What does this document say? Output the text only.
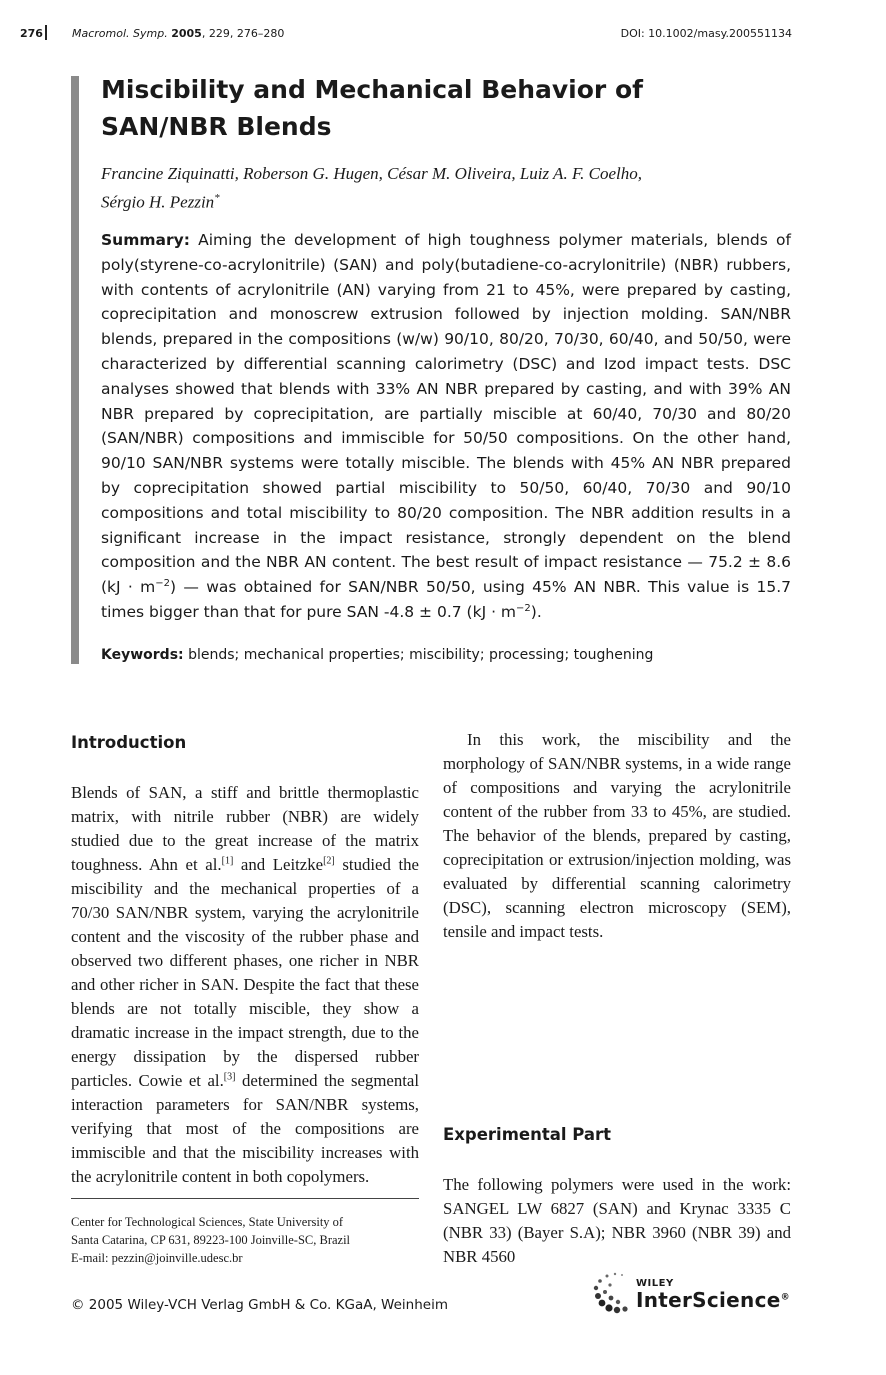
276	Macromol. Symp. 2005, 229, 276–280	DOI: 10.1002/masy.200551134
Miscibility and Mechanical Behavior of
SAN/NBR Blends
Francine Ziquinatti, Roberson G. Hugen, César M. Oliveira, Luiz A. F. Coelho,
Sérgio H. Pezzin*
Summary: Aiming the development of high toughness polymer materials, blends of poly(styrene-co-acrylonitrile) (SAN) and poly(butadiene-co-acrylonitrile) (NBR) rubbers, with contents of acrylonitrile (AN) varying from 21 to 45%, were prepared by casting, coprecipitation and monoscrew extrusion followed by injection molding. SAN/NBR blends, prepared in the compositions (w/w) 90/10, 80/20, 70/30, 60/40, and 50/50, were characterized by differential scanning calorimetry (DSC) and Izod impact tests. DSC analyses showed that blends with 33% AN NBR prepared by casting, and with 39% AN NBR prepared by coprecipitation, are partially miscible at 60/40, 70/30 and 80/20 (SAN/NBR) compositions and immiscible for 50/50 compositions. On the other hand, 90/10 SAN/NBR systems were totally miscible. The blends with 45% AN NBR prepared by coprecipitation showed partial miscibility to 50/50, 60/40, 70/30 and 90/10 compositions and total miscibility to 80/20 composition. The NBR addition results in a significant increase in the impact resistance, strongly dependent on the blend composition and the NBR AN content. The best result of impact resistance — 75.2 ± 8.6 $(kJ \cdot m^{-2})$ — was obtained for SAN/NBR 50/50, using 45% AN NBR. This value is 15.7 times bigger than that for pure SAN -4.8 ± 0.7 $(kJ \cdot m^{-2})$.
Keywords: blends; mechanical properties; miscibility; processing; toughening
Introduction

Blends of SAN, a stiff and brittle thermoplastic matrix, with nitrile rubber (NBR) are widely studied due to the great increase of the matrix toughness. Ahn et al.[1] and Leitzke[2] studied the miscibility and the mechanical properties of a 70/30 SAN/NBR system, varying the acrylonitrile content and the viscosity of the rubber phase and observed two different phases, one richer in NBR and other richer in SAN. Despite the fact that these blends are not totally miscible, they show a dramatic increase in the impact strength, due to the energy dissipation by the dispersed rubber particles. Cowie et al.[3] determined the segmental interaction parameters for SAN/NBR systems, verifying that most of the compositions are immiscible and that the miscibility increases with the acrylonitrile content in both copolymers.

In this work, the miscibility and the morphology of SAN/NBR systems, in a wide range of compositions and varying the acrylonitrile content of the rubber from 33 to 45%, are studied. The behavior of the blends, prepared by casting, coprecipitation or extrusion/injection molding, was evaluated by differential scanning calorimetry (DSC), scanning electron microscopy (SEM), tensile and impact tests.

Experimental Part

The following polymers were used in the work: SANGEL LW 6827 (SAN) and Krynac 3335 C (NBR 33) (Bayer S.A); NBR 3960 (NBR 39) and NBR 4560

Center for Technological Sciences, State University of
Santa Catarina, CP 631, 89223-100 Joinville-SC, Brazil
E-mail: pezzin@joinville.udesc.br
© 2005 Wiley-VCH Verlag GmbH & Co. KGaA, Weinheim
WILEY
InterScience®
